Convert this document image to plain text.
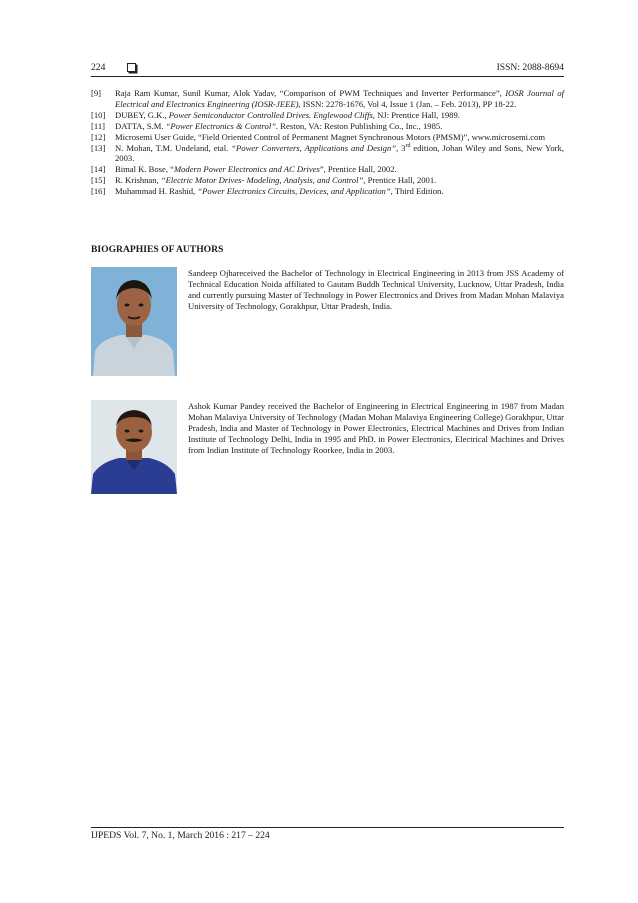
224	ISSN: 2088-8694
[9]	Raja Ram Kumar, Sunil Kumar, Alok Yadav, “Comparison of PWM Techniques and Inverter Performance”, IOSR Journal of Electrical and Electronics Engineering (IOSR-JEEE), ISSN: 2278-1676, Vol 4, Issue 1 (Jan. – Feb. 2013), PP 18-22.
[10]	DUBEY, G.K., Power Semiconductor Controlled Drives. Englewood Cliffs, NJ: Prentice Hall, 1989.
[11]	DATTA, S.M. “Power Electronics & Control”. Reston, VA: Reston Publishing Co., Inc., 1985.
[12]	Microsemi User Guide, “Field Oriented Control of Permanent Magnet Synchronous Motors (PMSM)”, www.microsemi.com
[13]	N. Mohan, T.M. Undeland, etal. “Power Converters, Applications and Design”, 3rd edition, Johan Wiley and Sons, New York, 2003.
[14]	Bimal K. Bose, “Modern Power Electronics and AC Drives”, Prentice Hall, 2002.
[15]	R. Krishnan, “Electric Motor Drives- Modeling, Analysis, and Control”, Prentice Hall, 2001.
[16]	Muhammad H. Rashid, “Power Electronics Circuits, Devices, and Application”, Third Edition.
BIOGRAPHIES OF AUTHORS
Sandeep Ojhareceived the Bachelor of Technology in Electrical Engineering in 2013 from JSS Academy of Technical Education Noida affiliated to Gautam Buddh Technical University, Lucknow, Uttar Pradesh, India and currently pursuing Master of Technology in Power Electronics and Drives from Madan Mohan Malaviya University of Technology, Gorakhpur, Uttar Pradesh, India.
Ashok Kumar Pandey received the Bachelor of Engineering in Electrical Engineering in 1987 from Madan Mohan Malaviya University of Technology (Madan Mohan Malaviya Engineering College) Gorakhpur, Uttar Pradesh, India and Master of Technology in Power Electronics, Electrical Machines and Drives from Indian Institute of Technology Delhi, India in 1995 and PhD. in Power Electronics, Electrical Machines and Drives from Indian Institute of Technology Roorkee, India in 2003.
IJPEDS Vol. 7, No. 1, March 2016 : 217 – 224
